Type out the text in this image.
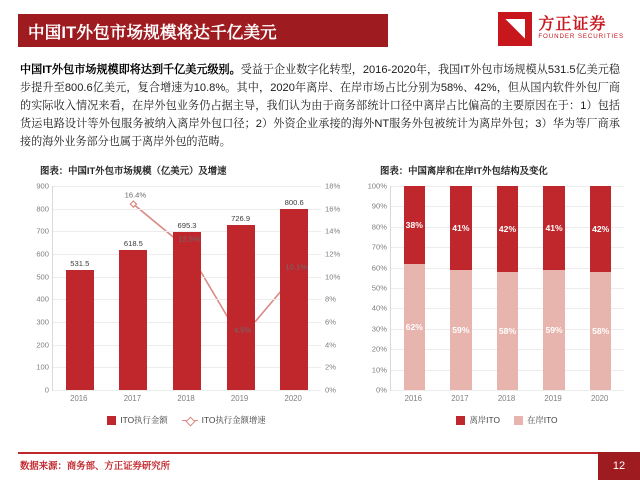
中国IT外包市场规模将达千亿美元	方正证券
FOUNDER SECURITIES
中国IT外包市场规模即将达到千亿美元级别。受益于企业数字化转型，2016-2020年，我国IT外包市场规模从531.5亿美元稳步提升至800.6亿美元，复合增速为10.8%。其中，2020年离岸、在岸市场占比分别为58%、42%，但从国内软件外包厂商的实际收入情况来看，在岸外包业务仍占据主导，我们认为由于商务部统计口径中离岸占比偏高的主要原因在于：1）包括货运电路设计等外包服务被纳入离岸外包口径；2）外资企业承接的海外NT服务外包被统计为离岸外包；3）华为等厂商承接的海外业务部分也属于离岸外包的范畴。
图表：中国IT外包市场规模（亿美元）及增速	图表：中国离岸和在岸IT外包结构及变化
0
100
200
300
400
500
600
700
800
900
0%
2%
4%
6%
8%
10%
12%
14%
16%
18%
531.5
618.5
695.3
726.9
800.6
16.4%
12.5%
4.5%
10.1%
2016	2017	2018	2019	2020
ITO执行金额	ITO执行金额增速
0%
10%
20%
30%
40%
50%
60%
70%
80%
90%
100%
38%
62%
41%
59%
42%
58%
41%
59%
42%
58%
2016	2017	2018	2019	2020
离岸ITO	在岸ITO
数据来源：商务部、方正证券研究所	12
